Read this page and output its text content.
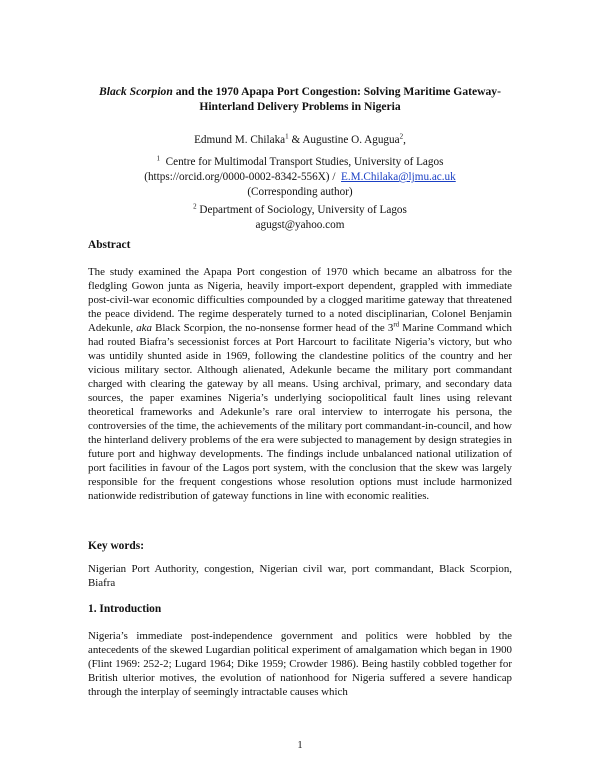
Black Scorpion and the 1970 Apapa Port Congestion: Solving Maritime Gateway-Hinterland Delivery Problems in Nigeria
Edmund M. Chilaka$^1$ & Augustine O. Agugua$^2$,
$^1$ Centre for Multimodal Transport Studies, University of Lagos
(https://orcid.org/0000-0002-8342-556X) / E.M.Chilaka@ljmu.ac.uk
(Corresponding author)
$^2$ Department of Sociology, University of Lagos
agugst@yahoo.com
Abstract
The study examined the Apapa Port congestion of 1970 which became an albatross for the fledgling Gowon junta as Nigeria, heavily import-export dependent, grappled with immediate post-civil-war economic difficulties compounded by a clogged maritime gateway that threatened the peace dividend. The regime desperately turned to a noted disciplinarian, Colonel Benjamin Adekunle, aka Black Scorpion, the no-nonsense former head of the 3rd Marine Command which had routed Biafra’s secessionist forces at Port Harcourt to facilitate Nigeria’s victory, but who was untidily shunted aside in 1969, following the clandestine politics of the country and her vicious military sector. Although alienated, Adekunle became the military port commandant charged with clearing the gateway by all means. Using archival, primary, and secondary data sources, the paper examines Nigeria’s underlying sociopolitical fault lines using relevant theoretical frameworks and Adekunle’s rare oral interview to interrogate his persona, the controversies of the time, the achievements of the military port commandant-in-council, and how the hinterland delivery problems of the era were subjected to management by design strategies in future port and highway developments. The findings include unbalanced national utilization of port facilities in favour of the Lagos port system, with the conclusion that the skew was largely responsible for the frequent congestions whose resolution options must include harmonized nationwide redistribution of gateway functions in line with economic realities.
Key words:
Nigerian Port Authority, congestion, Nigerian civil war, port commandant, Black Scorpion, Biafra
1. Introduction
Nigeria’s immediate post-independence government and politics were hobbled by the antecedents of the skewed Lugardian political experiment of amalgamation which began in 1900 (Flint 1969: 252-2; Lugard 1964; Dike 1959; Crowder 1986). Being hastily cobbled together for British ulterior motives, the evolution of nationhood for Nigeria suffered a severe handicap through the interplay of seemingly intractable causes which
1
